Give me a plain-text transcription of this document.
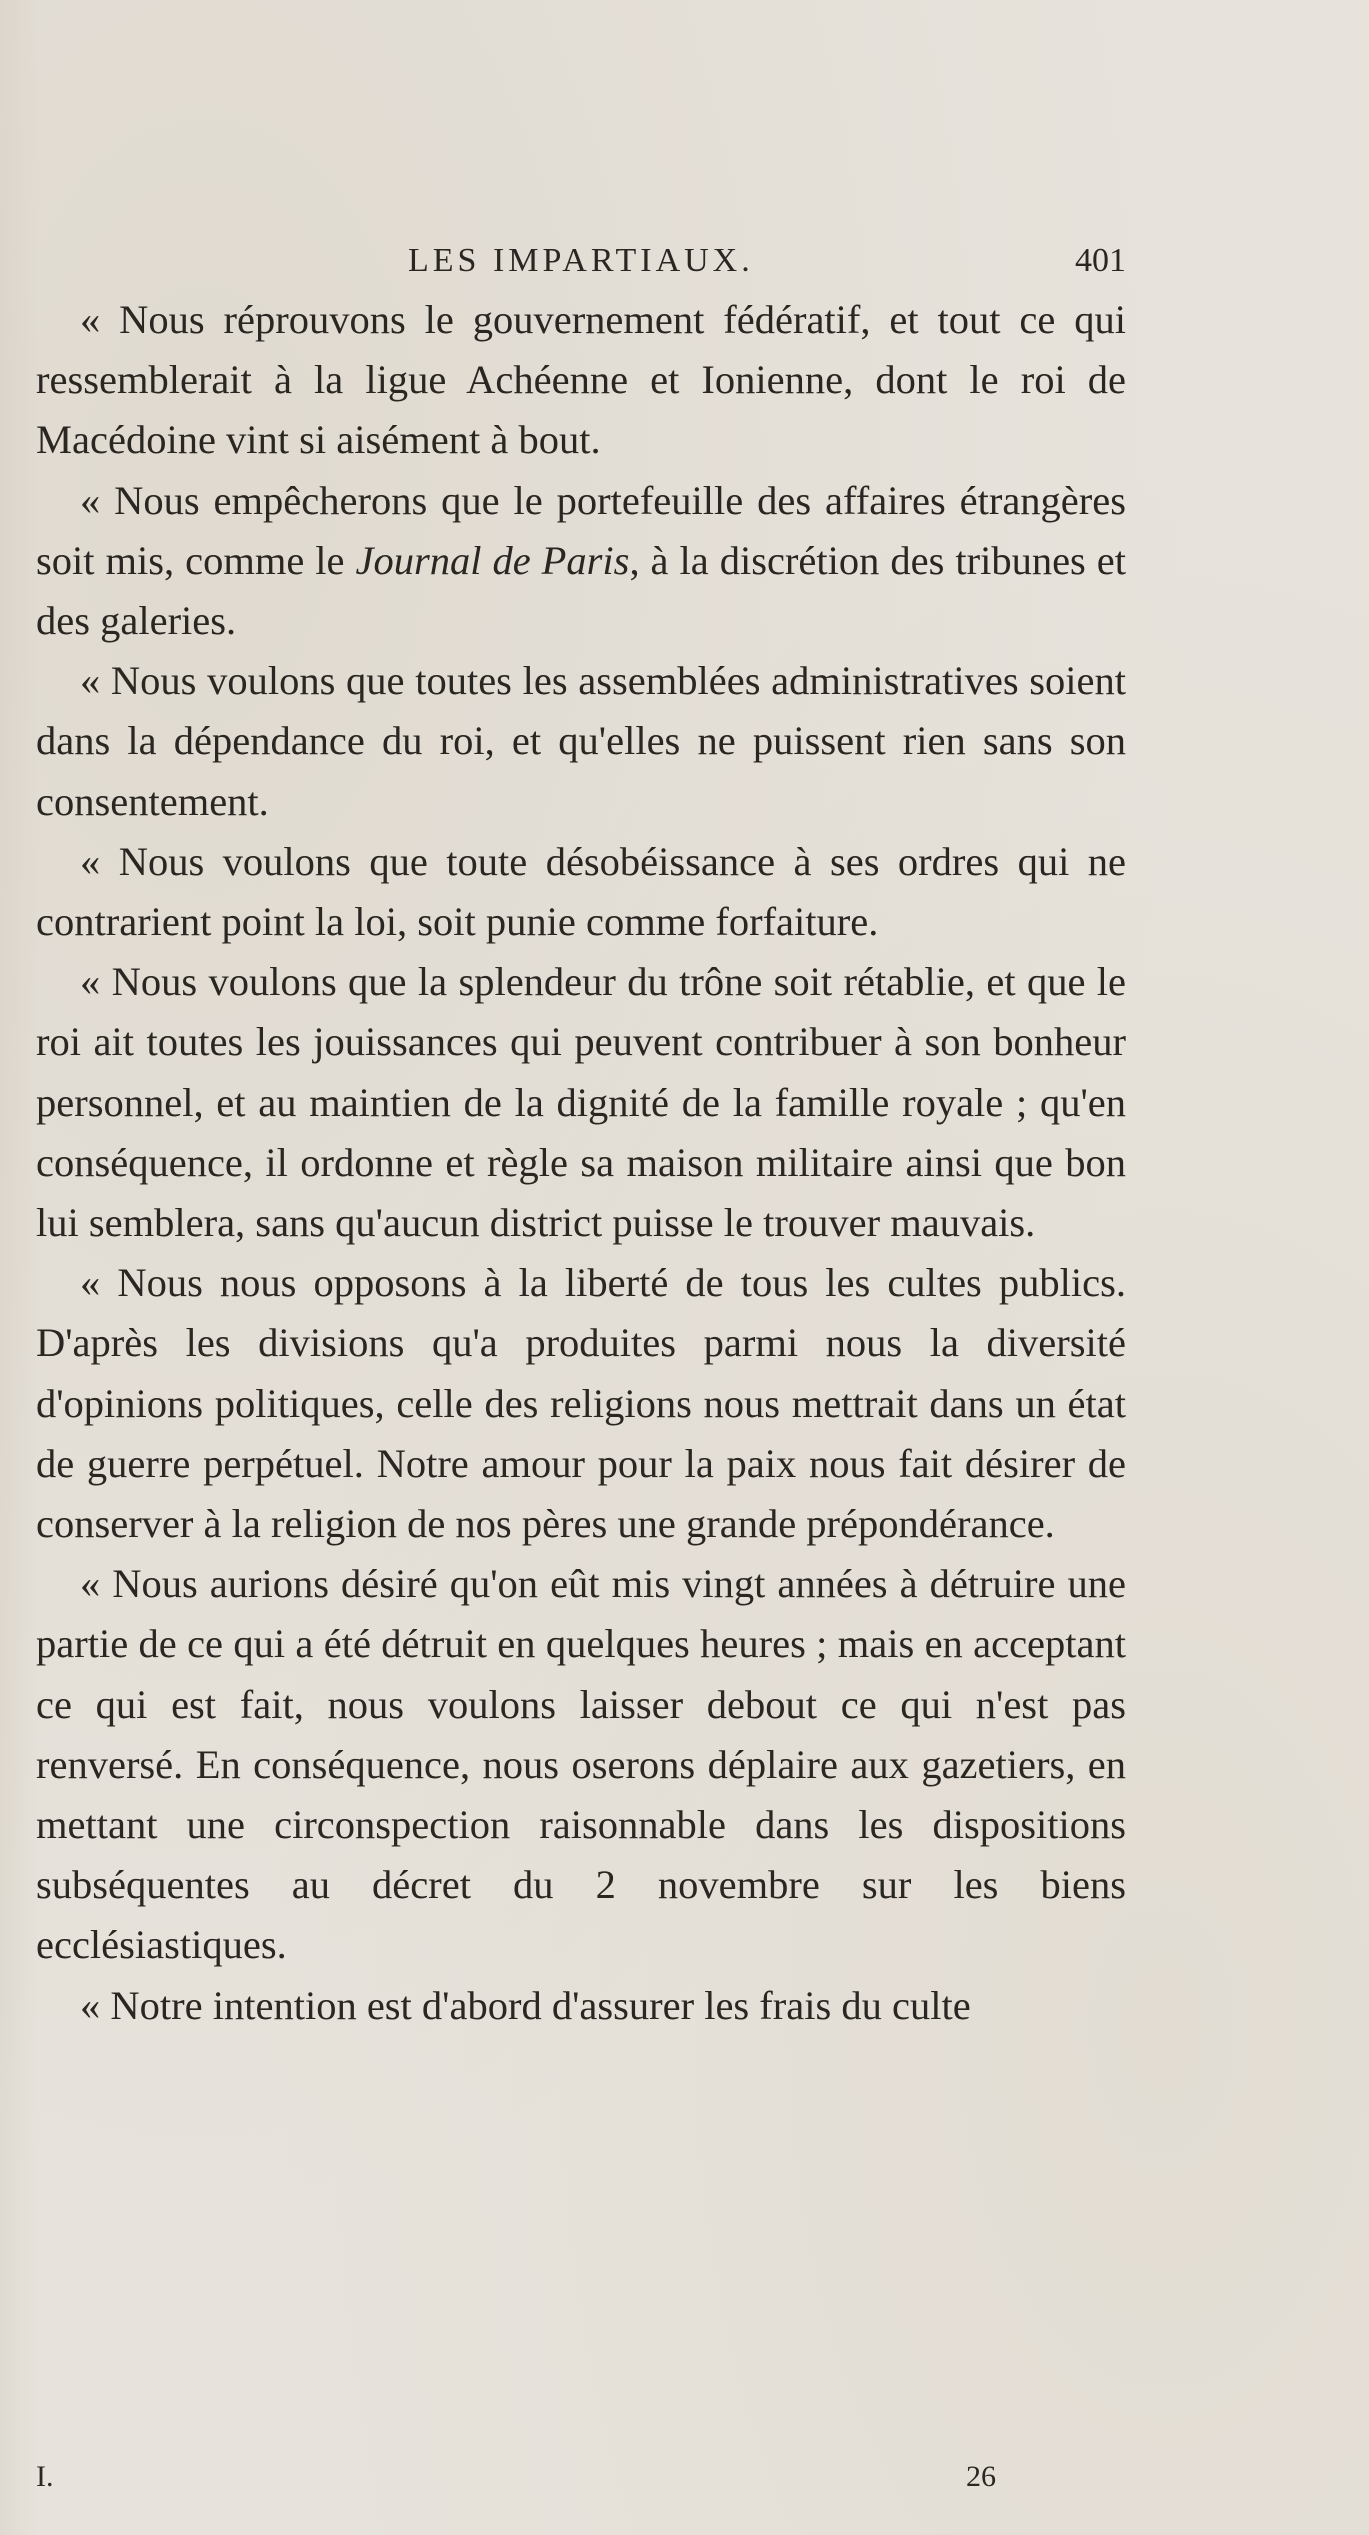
LES IMPARTIAUX.	401

« Nous réprouvons le gouvernement fédératif, et tout ce qui ressemblerait à la ligue Achéenne et Ionienne, dont le roi de Macédoine vint si aisément à bout.

« Nous empêcherons que le portefeuille des affaires étrangères soit mis, comme le Journal de Paris, à la discrétion des tribunes et des galeries.

« Nous voulons que toutes les assemblées administratives soient dans la dépendance du roi, et qu'elles ne puissent rien sans son consentement.

« Nous voulons que toute désobéissance à ses ordres qui ne contrarient point la loi, soit punie comme forfaiture.

« Nous voulons que la splendeur du trône soit rétablie, et que le roi ait toutes les jouissances qui peuvent contribuer à son bonheur personnel, et au maintien de la dignité de la famille royale ; qu'en conséquence, il ordonne et règle sa maison militaire ainsi que bon lui semblera, sans qu'aucun district puisse le trouver mauvais.

« Nous nous opposons à la liberté de tous les cultes publics. D'après les divisions qu'a produites parmi nous la diversité d'opinions politiques, celle des religions nous mettrait dans un état de guerre perpétuel. Notre amour pour la paix nous fait désirer de conserver à la religion de nos pères une grande prépondérance.

« Nous aurions désiré qu'on eût mis vingt années à détruire une partie de ce qui a été détruit en quelques heures ; mais en acceptant ce qui est fait, nous voulons laisser debout ce qui n'est pas renversé. En conséquence, nous oserons déplaire aux gazetiers, en mettant une circonspection raisonnable dans les dispositions subséquentes au décret du 2 novembre sur les biens ecclésiastiques.

« Notre intention est d'abord d'assurer les frais du culte

I.	26
